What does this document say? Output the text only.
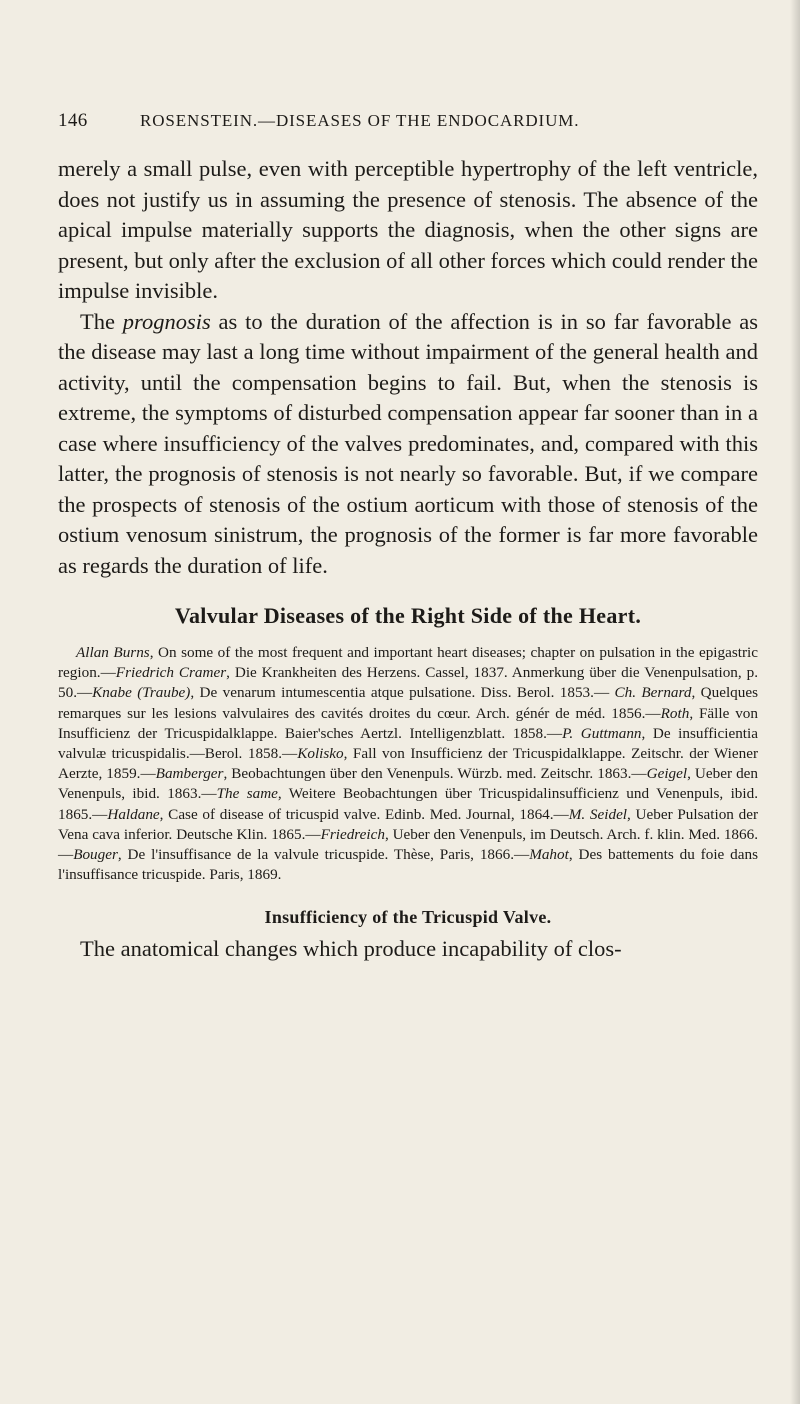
146	ROSENSTEIN.—DISEASES OF THE ENDOCARDIUM.

merely a small pulse, even with perceptible hypertrophy of the left ventricle, does not justify us in assuming the presence of stenosis. The absence of the apical impulse materially supports the diagnosis, when the other signs are present, but only after the exclusion of all other forces which could render the impulse invisible.

The prognosis as to the duration of the affection is in so far favorable as the disease may last a long time without impairment of the general health and activity, until the compensation begins to fail. But, when the stenosis is extreme, the symptoms of disturbed compensation appear far sooner than in a case where insufficiency of the valves predominates, and, compared with this latter, the prognosis of stenosis is not nearly so favorable. But, if we compare the prospects of stenosis of the ostium aorticum with those of stenosis of the ostium venosum sinistrum, the prognosis of the former is far more favorable as regards the duration of life.

Valvular Diseases of the Right Side of the Heart.
Allan Burns, On some of the most frequent and important heart diseases; chapter on pulsation in the epigastric region.—Friedrich Cramer, Die Krankheiten des Herzens. Cassel, 1837. Anmerkung über die Venenpulsation, p. 50.—Knabe (Traube), De venarum intumescentia atque pulsatione. Diss. Berol. 1853.— Ch. Bernard, Quelques remarques sur les lesions valvulaires des cavités droites du cœur. Arch. génér de méd. 1856.—Roth, Fälle von Insufficienz der Tricuspidalklappe. Baier'sches Aertzl. Intelligenzblatt. 1858.—P. Guttmann, De insufficientia valvulæ tricuspidalis.—Berol. 1858.—Kolisko, Fall von Insufficienz der Tricuspidalklappe. Zeitschr. der Wiener Aerzte, 1859.—Bamberger, Beobachtungen über den Venenpuls. Würzb. med. Zeitschr. 1863.—Geigel, Ueber den Venenpuls, ibid. 1863.—The same, Weitere Beobachtungen über Tricuspidalinsufficienz und Venenpuls, ibid. 1865.—Haldane, Case of disease of tricuspid valve. Edinb. Med. Journal, 1864.—M. Seidel, Ueber Pulsation der Vena cava inferior. Deutsche Klin. 1865.—Friedreich, Ueber den Venenpuls, im Deutsch. Arch. f. klin. Med. 1866.—Bouger, De l'insuffisance de la valvule tricuspide. Thèse, Paris, 1866.—Mahot, Des battements du foie dans l'insuffisance tricuspide. Paris, 1869.
Insufficiency of the Tricuspid Valve.
The anatomical changes which produce incapability of clos-
